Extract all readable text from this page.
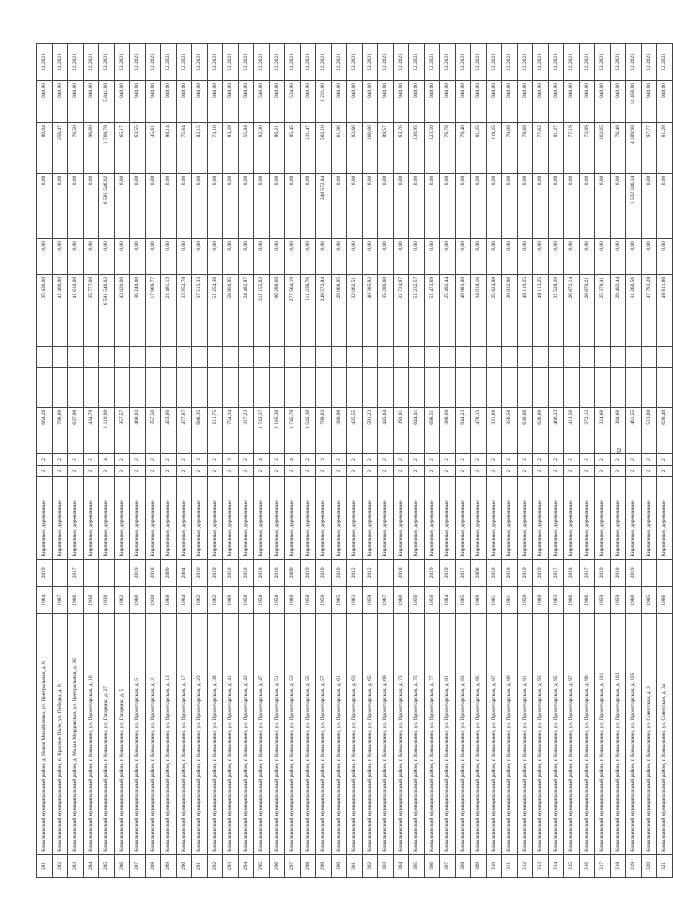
281	Ковылкинский муниципальный район, д. Новая Михайловка, ул. Центральная, д. 6	1964	2019	Кирпичные, деревянные	2	2	664,20			35 430,00	0,00	0,00	80,04	940,00	12.2021
282	Ковылкинский муниципальный район, п. Красное Поле, ул. Победы, д. 9	1987		Кирпичные, деревянные	2	2	796,00			41 400,00	0,00	0,00	256,47	940,00	12.2021
283	Ковылкинский муниципальный район, д. Малая Мордовская, ул. Центральная, д. 30	1966	2017	Кирпичные, деревянные	2	2	637,90			41 610,00	0,00	0,00	76,50	940,00	12.2021
284	Ковылкинский муниципальный район, г. Ковылкино, ул. Пролетарская, д. 10	1930		Кирпичные, деревянные	2	2	434,70			35 777,00	0,00	0,00	96,60	940,00	12.2021
285	Ковылкинский муниципальный район, г. Ковылкино, ул. Гагарина, д. 27	1930		Кирпичные, деревянные	2	4	1 119,90			6 581 546,02	0,00	6 581 546,02	1 700,79	5 841,09	12.2021
286	Ковылкинский муниципальный район, г. Ковылкино, ул. Гагарина, д. 5	1962		Кирпичные, деревянные	2	2	357,57			43 020,00	0,00	0,00	65,17	940,00	12.2021
287	Ковылкинский муниципальный район, г. Ковылкино, ул. Пролетарская, д. 5	1960	2019	Кирпичные, деревянные	2	2	468,03			36 240,00	0,00	0,00	63,55	940,00	12.2021
288	Ковылкинский муниципальный район, г. Ковылкино, ул. Пролетарская, д. 3	1930	2018	Кирпичные, деревянные	2	2	357,50			17 969,77	0,00	0,00	45,61	940,00	12.2021
289	Ковылкинский муниципальный район, г. Ковылкино, ул. Пролетарская, д. 13	1968	2009	Кирпичные, деревянные	2	2	453,00			21 481,13	0,00	0,00	86,14	940,00	12.2021
290	Ковылкинский муниципальный район, г. Ковылкино, ул. Пролетарская, д. 17	1964	2004	Кирпичные, деревянные	2	2	477,67			33 952,78	0,00	0,00	75,64	940,00	12.2021
291	Ковылкинский муниципальный район, г. Ковылкино, ул. Пролетарская, д. 23	1962	2010	Кирпичные, деревянные	2	3	688,35			37 515,33	0,00	0,00	82,15	940,00	12.2021
292	Ковылкинский муниципальный район, г. Ковылкино, ул. Пролетарская, д. 39	1962	2019	Кирпичные, деревянные	2	2	511,75			51 254,36	0,00	0,00	73,10	940,00	12.2021
293	Ковылкинский муниципальный район, г. Ковылкино, ул. Пролетарская, д. 41	1960	2018	Кирпичные, деревянные	2	3	754,34			58 850,05	0,00	0,00	83,29	940,00	12.2021
294	Ковылкинский муниципальный район, г. Ковылкино, ул. Пролетарская, д. 43	1958	2018	Кирпичные, деревянные	2	2	317,23			24 482,87	0,00	0,00	55,84	940,00	12.2021
295	Ковылкинский муниципальный район, г. Ковылкино, ул. Пролетарская, д. 47	1958	2018	Кирпичные, деревянные	2	4	1 743,37			211 155,02	0,00	0,00	82,30	546,00	12.2021
296	Ковылкинский муниципальный район, г. Ковылкино, ул. Пролетарская, д. 51	1958	2016	Кирпичные, деревянные	2	2	1 165,30			96 288,00	0,00	0,00	86,21	940,00	12.2021
297	Ковылкинский муниципальный район, г. Ковылкино, ул. Пролетарская, д. 53	1960	2009	Кирпичные, деревянные	2	4	1 745,70			277 564,19	0,00	0,00	85,45	534,00	12.2021
298	Ковылкинский муниципальный район, г. Ковылкино, ул. Пролетарская, д. 55	1958	2019	Кирпичные, деревянные	2	2	1 542,30			111 236,76	0,00	0,00	131,47	940,00	12.2021
299	Ковылкинский муниципальный район, г. Ковылкино, ул. Пролетарская, д. 57	1959	2019	Кирпичные, деревянные	2	3	799,03			248 572,84	0,00	248 572,84	582,10	1 231,00	12.2021
300	Ковылкинский муниципальный район, г. Ковылкино, ул. Пролетарская, д. 61	1965	2019	Кирпичные, деревянные	2	2	380,90			29 068,05	0,00	0,00	61,96	940,00	12.2021
301	Ковылкинский муниципальный район, г. Ковылкино, ул. Пролетарская, д. 63	1963	2012	Кирпичные, деревянные	2	2	425,55			32 002,51	0,00	0,00	82,66	940,00	12.2021
302	Ковылкинский муниципальный район, г. Ковылкино, ул. Пролетарская, д. 65	1958	2012	Кирпичные, деревянные	2	2	591,23			40 385,02	0,00	0,00	100,66	940,00	12.2021
303	Ковылкинский муниципальный район, г. Ковылкино, ул. Пролетарская, д. 69	1967		Кирпичные, деревянные	2	2	445,64			35 289,60	0,00	0,00	89,57	940,00	12.2021
304	Ковылкинский муниципальный район, г. Ковылкино, ул. Пролетарская, д. 73	1960	2018	Кирпичные, деревянные	2	2	393,81			21 724,97	0,00	0,00	63,76	940,00	12.2021
305	Ковылкинский муниципальный район, г. Ковылкино, ул. Пролетарская, д. 75	1956		Кирпичные, деревянные	2	2	644,41			51 232,57	0,00	0,00	130,95	940,00	12.2021
306	Ковылкинский муниципальный район, г. Ковылкино, ул. Пролетарская, д. 77	1958	2019	Кирпичные, деревянные	2	2	698,51			51 473,69	0,00	0,00	123,50	940,00	12.2021
307	Ковылкинский муниципальный район, г. Ковылкино, ул. Пролетарская, д. 81	1964	2019	Кирпичные, деревянные	2	2	388,00			25 492,44	0,00	0,00	76,78	940,00	12.2021
308	Ковылкинский муниципальный район, г. Ковылкино, ул. Пролетарская, д. 83	1965	2017	Кирпичные, деревянные	2	2	644,23			49 883,80	0,00	0,00	79,40	940,00	12.2021
309	Ковылкинский муниципальный район, г. Ковылкино, ул. Пролетарская, д. 85	1960	2008	Кирпичные, деревянные	2	2	478,15			34 018,16	0,00	0,00	81,25	940,00	12.2021
310	Ковылкинский муниципальный район, г. Ковылкино, ул. Пролетарская, д. 87	1961	2018	Кирпичные, деревянные	2	2	331,60			25 824,88	0,00	0,00	118,25	940,00	12.2021
311	Ковылкинский муниципальный район, г. Ковылкино, ул. Пролетарская, д. 89	1961	2018	Кирпичные, деревянные	2	2	356,50			30 832,96	0,00	0,00	70,08	940,00	12.2021
312	Ковылкинский муниципальный район, г. Ковылкино, ул. Пролетарская, д. 91	1959	2019	Кирпичные, деревянные	2	2	630,00			49 119,25	0,00	0,00	78,68	940,00	12.2021
313	Ковылкинский муниципальный район, г. Ковылкино, ул. Пролетарская, д. 93	1960	2019	Кирпичные, деревянные	2	2	626,00			48 113,25	0,00	0,00	77,62	940,00	12.2021
314	Ковылкинский муниципальный район, г. Ковылкино, ул. Пролетарская, д. 95	1963	2017	Кирпичные, деревянные	2	2	460,23			31 528,20	0,00	0,00	81,27	940,00	12.2021
315	Ковылкинский муниципальный район, г. Ковылкино, ул. Пролетарская, д. 97	1966	2018	Кирпичные, деревянные	2	2	413,56			26 872,14	0,00	0,00	77,19	940,00	12.2021
316	Ковылкинский муниципальный район, г. Ковылкино, ул. Пролетарская, д. 99	1966	2017	Кирпичные, деревянные	2	2	372,12			28 870,21	0,00	0,00	72,09	940,00	12.2021
317	Ковылкинский муниципальный район, г. Ковылкино, ул. Пролетарская, д. 101	1959	2019	Кирпичные, деревянные	2	2	314,60			25 378,41	0,00	0,00	102,05	940,00	12.2021
318	Ковылкинский муниципальный район, г. Ковылкино, ул. Пролетарская, д. 103	1959	2018	Кирпичные, деревянные	2	2	384,60			29 492,44	0,00	0,00	76,48	940,00	12.2021
319	Ковылкинский муниципальный район, г. Ковылкино, ул. Пролетарская, д. 105	1960	2019	Кирпичные, деревянные	2	2	461,55			31 260,56	0,00	1 532 346,34	4 189,98	11 456,00	12.2021
320	Ковылкинский муниципальный район, г. Ковылкино, ул. Советская, д. 3	1985		Кирпичные, деревянные	2	2	513,00			47 793,28	0,00	0,00	97,77	940,00	12.2021
321	Ковылкинский муниципальный район, г. Ковылкино, ул. Советская, д. 3а	1966		Кирпичные, деревянные	2	2	626,40			48 611,86	0,00	0,00	81,28	940,00	12.2021
32
